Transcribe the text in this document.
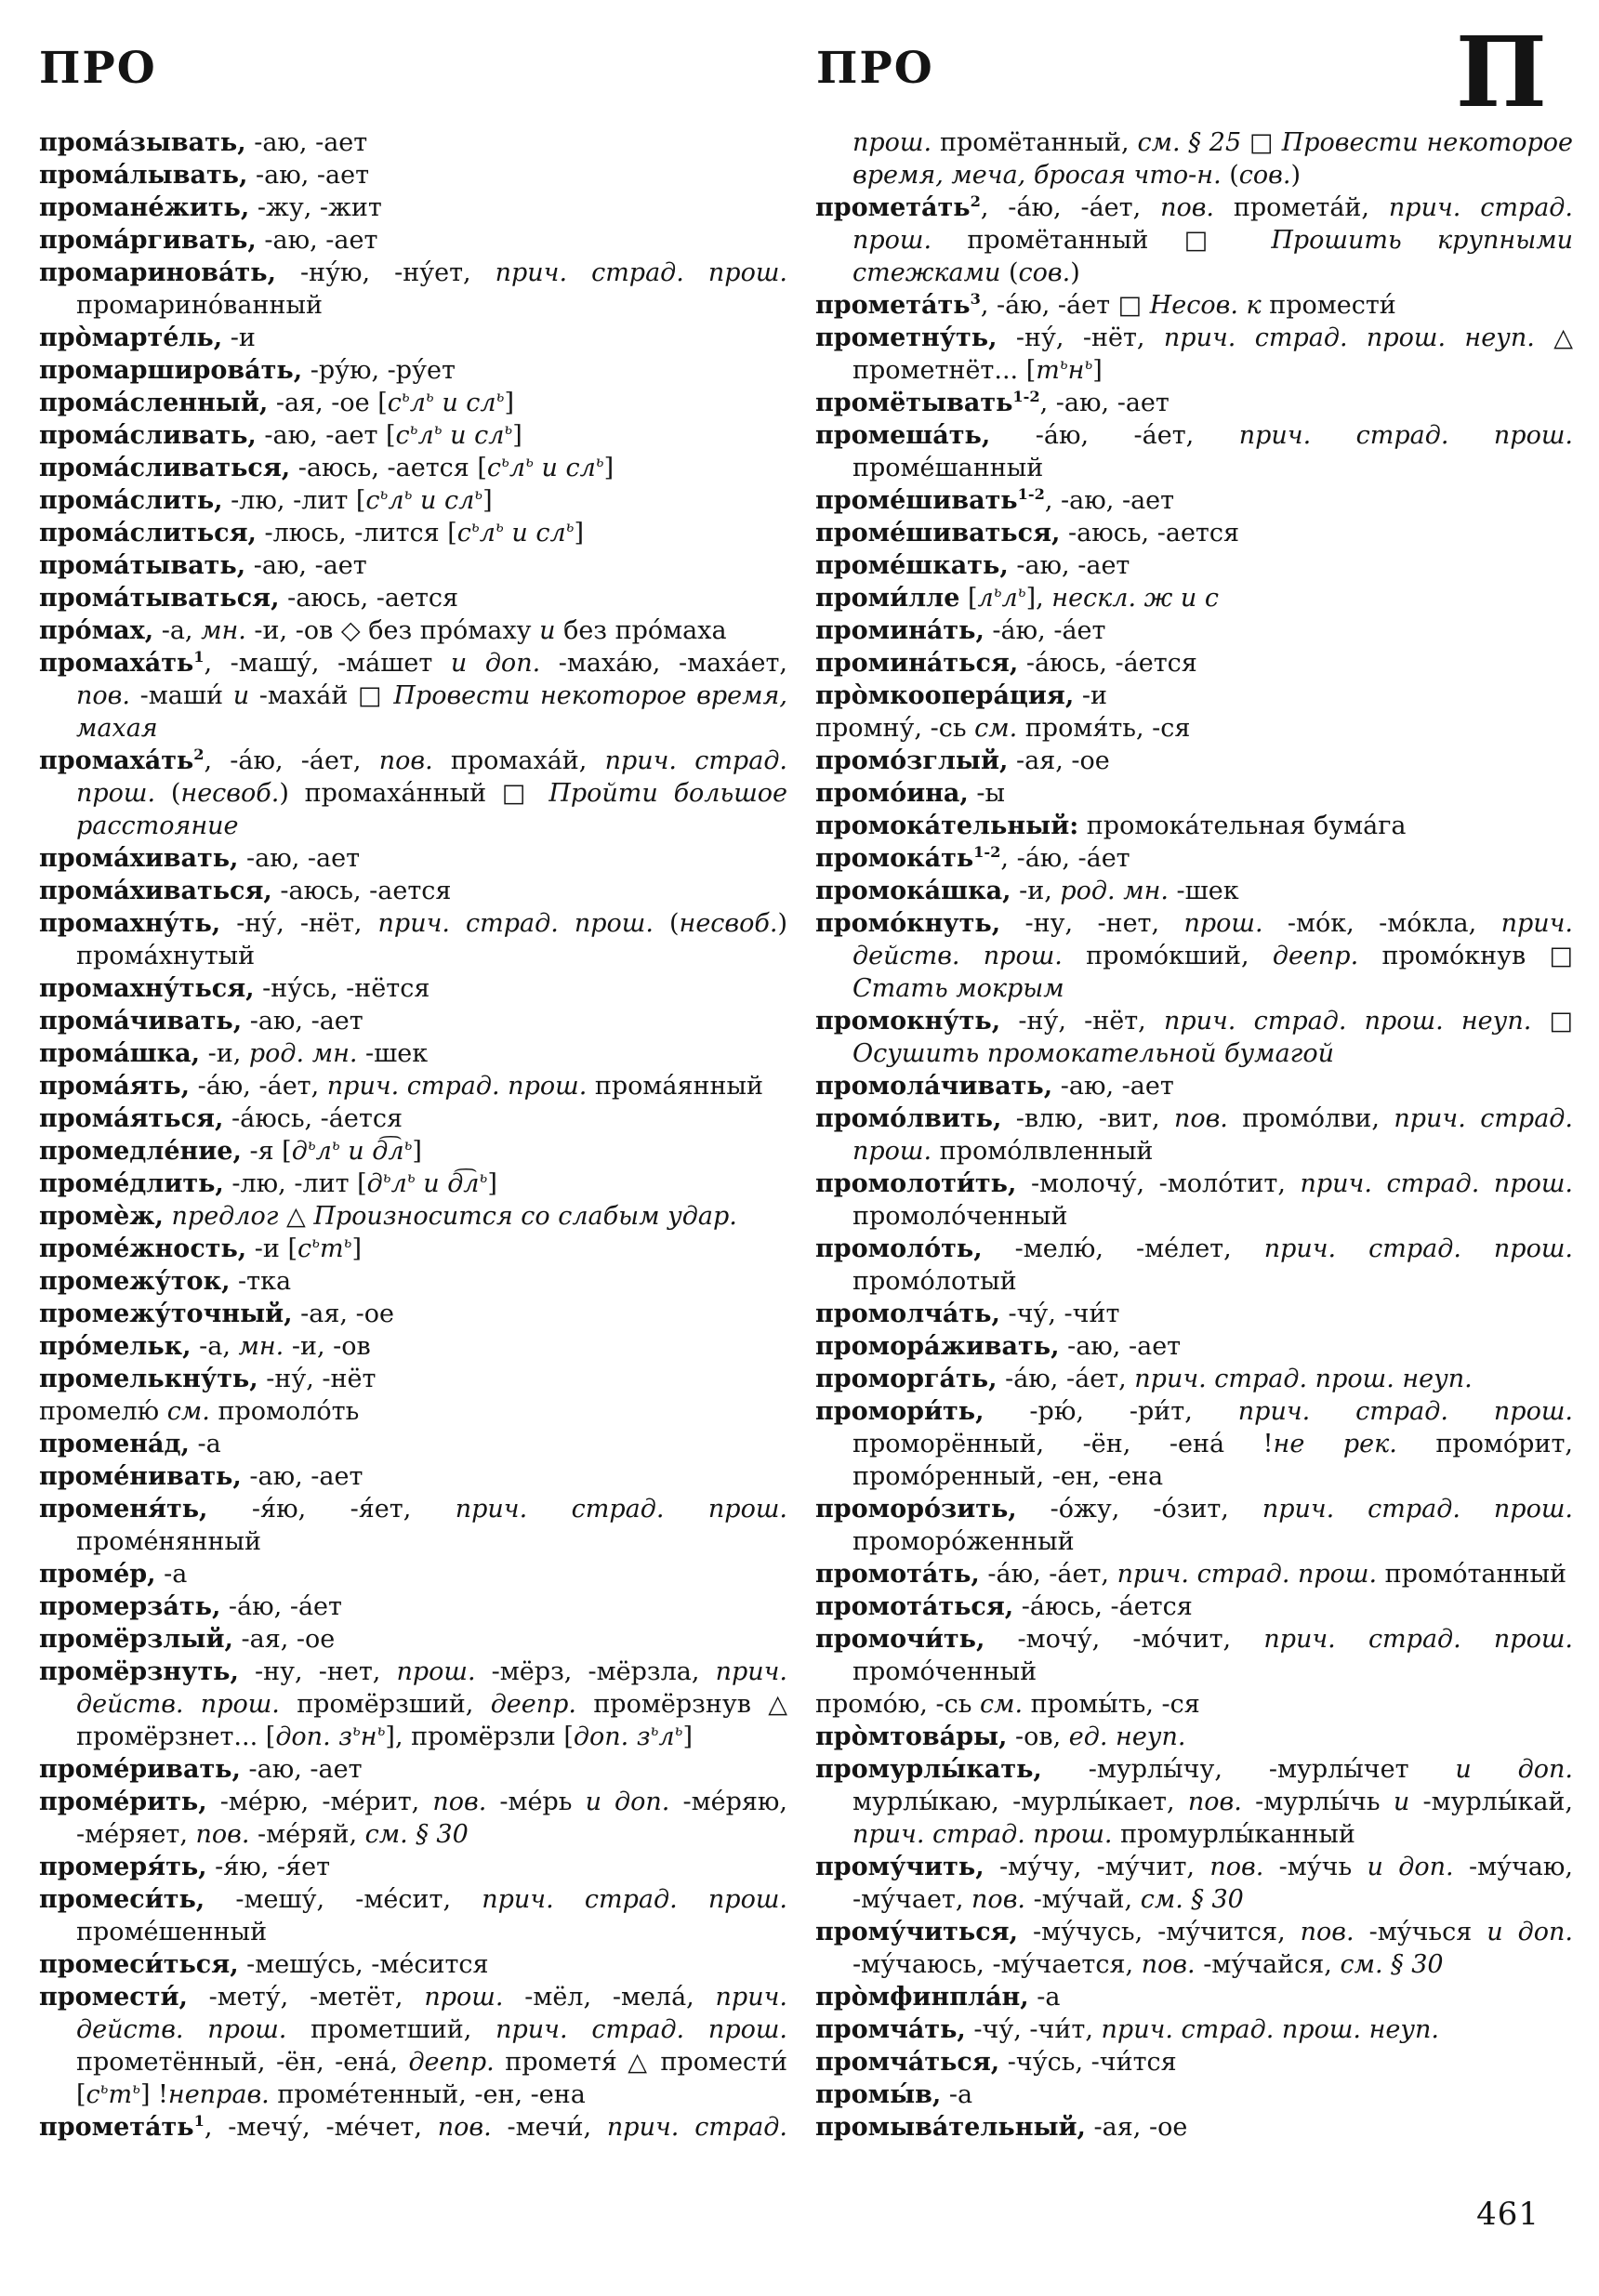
ПРО	ПРО	П

прома́зывать, -аю, -ает

прома́лывать, -аю, -ает

промане́жить, -жу, -жит

прома́ргивать, -аю, -ает

промаринова́ть, -ну́ю, -ну́ет, прич. страд. прош. промарино́ванный

про̀марте́ль, -и

промарширова́ть, -ру́ю, -ру́ет

прома́сленный, -ая, -ое [$с^ьл^ь$ и $сл^ь$]

прома́сливать, -аю, -ает [$с^ьл^ь$ и $сл^ь$]

прома́сливаться, -аюсь, -ается [$с^ьл^ь$ и $сл^ь$]

прома́слить, -лю, -лит [$с^ьл^ь$ и $сл^ь$]

прома́слиться, -люсь, -лится [$с^ьл^ь$ и $сл^ь$]

прома́тывать, -аю, -ает

прома́тываться, -аюсь, -ается

про́мах, -а, мн. -и, -ов ◇ без про́маху и без про́маха

$промаха́ть^1$, -машу́, -ма́шет и доп. -маха́ю, -маха́ет, пов. -маши́ и -маха́й □ Провести некоторое время, махая

$промаха́ть^2$, -а́ю, -а́ет, пов. промаха́й, прич. страд. прош. (несвоб.) промаха́нный □ Пройти большое расстояние

прома́хивать, -аю, -ает

прома́хиваться, -аюсь, -ается

промахну́ть, -ну́, -нёт, прич. страд. прош. (несвоб.) прома́хнутый

промахну́ться, -ну́сь, -нётся

прома́чивать, -аю, -ает

прома́шка, -и, род. мн. -шек

прома́ять, -а́ю, -а́ет, прич. страд. прош. прома́янный

прома́яться, -а́юсь, -а́ется

промедле́ние, -я [$д^ьл^ь$ и $д͡л^ь$]

проме́длить, -лю, -лит [$д^ьл^ь$ и $д͡л^ь$]

промѐж, предлог △ Произносится со слабым удар.

проме́жность, -и $[с^ьт^ь]$

промежу́ток, -тка

промежу́точный, -ая, -ое

про́мельк, -а, мн. -и, -ов

промелькну́ть, -ну́, -нёт

промелю́ см. промоло́ть

промена́д, -а

проме́нивать, -аю, -ает

променя́ть, -я́ю, -я́ет, прич. страд. прош. проме́нянный

проме́р, -а

промерза́ть, -а́ю, -а́ет

промёрзлый, -ая, -ое

промёрзнуть, -ну, -нет, прош. -мёрз, -мёрзла, прич. действ. прош. промёрзший, деепр. промёрзнув △ промёрзнет... [доп. $з^ьн^ь$], промёрзли [доп. $з^ьл^ь$]

проме́ривать, -аю, -ает

проме́рить, -ме́рю, -ме́рит, пов. -ме́рь и доп. -ме́ряю, -ме́ряет, пов. -ме́ряй, см. § 30

промеря́ть, -я́ю, -я́ет

промеси́ть, -мешу́, -ме́сит, прич. страд. прош. проме́шенный

промеси́ться, -мешу́сь, -ме́сится

промести́, -мету́, -метёт, прош. -мёл, -мела́, прич. действ. прош. прометший, прич. страд. прош. прометённый, -ён, -ена́, деепр. прометя́ △ промести́ $[с^ьт^ь]$ !неправ. проме́тенный, -ен, -ена

$промета́ть^1$, -мечу́, -ме́чет, пов. -мечи́, прич. страд.

прош. промётанный, см. § 25 □ Провести некоторое время, меча, бросая что-н. (сов.)

$промета́ть^2$, -а́ю, -а́ет, пов. промета́й, прич. страд. прош. промётанный □ Прошить крупными стежками (сов.)

$промета́ть^3$, -а́ю, -а́ет □ Несов. к промести́

прометну́ть, -ну́, -нёт, прич. страд. прош. неуп. △ прометнёт... $[т^ьн^ь]$

промётывать$^{1-2}$, -аю, -ает

промеша́ть, -а́ю, -а́ет, прич. страд. прош. проме́шанный

проме́шивать$^{1-2}$, -аю, -ает

проме́шиваться, -аюсь, -ается

проме́шкать, -аю, -ает

проми́лле $[л^ьл^ь]$, нескл. ж и с

промина́ть, -а́ю, -а́ет

промина́ться, -а́юсь, -а́ется

про̀мкоопера́ция, -и

промну́, -сь см. промя́ть, -ся

промо́зглый, -ая, -ое

промо́ина, -ы

промока́тельный: промока́тельная бума́га

$промока́ть^{1-2}$, -а́ю, -а́ет

промока́шка, -и, род. мн. -шек

промо́кнуть, -ну, -нет, прош. -мо́к, -мо́кла, прич. действ. прош. промо́кший, деепр. промо́кнув □ Стать мокрым

промокну́ть, -ну́, -нёт, прич. страд. прош. неуп. □ Осушить промокательной бумагой

промола́чивать, -аю, -ает

промо́лвить, -влю, -вит, пов. промо́лви, прич. страд. прош. промо́лвленный

промолоти́ть, -молочу́, -моло́тит, прич. страд. прош. промоло́ченный

промоло́ть, -мелю́, -ме́лет, прич. страд. прош. промо́лотый

промолча́ть, -чу́, -чи́т

промора́живать, -аю, -ает

проморга́ть, -а́ю, -а́ет, прич. страд. прош. неуп.

промори́ть, -рю́, -ри́т, прич. страд. прош. проморённый, -ён, -ена́ !не рек. промо́рит, промо́ренный, -ен, -ена

проморо́зить, -о́жу, -о́зит, прич. страд. прош. проморо́женный

промота́ть, -а́ю, -а́ет, прич. страд. прош. промо́танный

промота́ться, -а́юсь, -а́ется

промочи́ть, -мочу́, -мо́чит, прич. страд. прош. промо́ченный

промо́ю, -сь см. промы́ть, -ся

про̀мтова́ры, -ов, ед. неуп.

промурлы́кать, -мурлы́чу, -мурлы́чет и доп. мурлы́каю, -мурлы́кает, пов. -мурлы́чь и -мурлы́кай, прич. страд. прош. промурлы́канный

прому́чить, -му́чу, -му́чит, пов. -му́чь и доп. -му́чаю, -му́чает, пов. -му́чай, см. § 30

прому́читься, -му́чусь, -му́чится, пов. -му́чься и доп. -му́чаюсь, -му́чается, пов. -му́чайся, см. § 30

про̀мфинпла́н, -а

промча́ть, -чу́, -чи́т, прич. страд. прош. неуп.

промча́ться, -чу́сь, -чи́тся

промы́в, -а

промыва́тельный, -ая, -ое

461
